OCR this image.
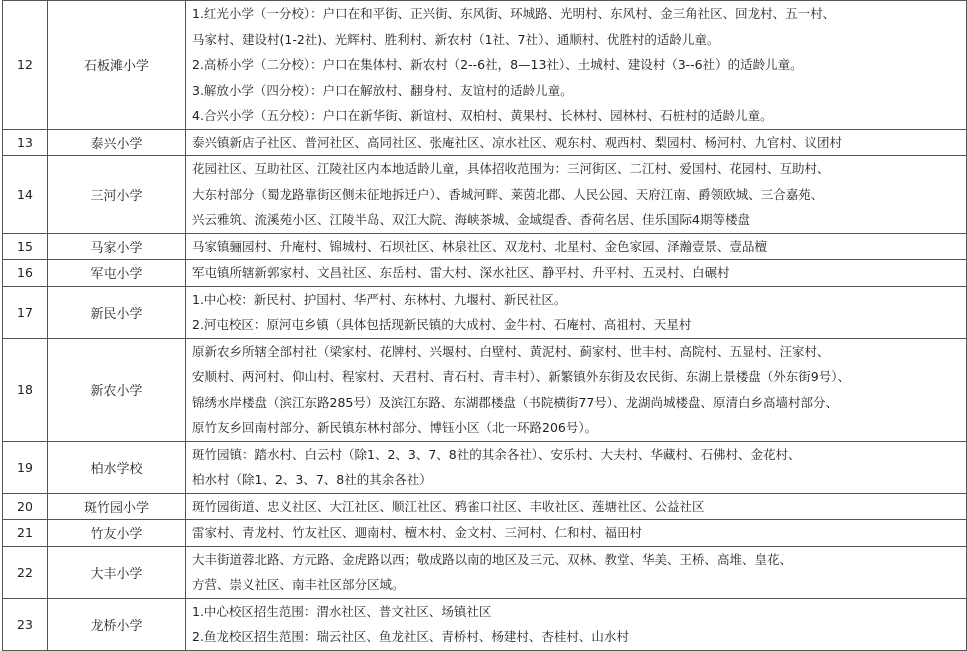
12	石板滩小学	1.红光小学（一分校）：户口在和平街、正兴街、东风街、环城路、光明村、东风村、金三角社区、回龙村、五一村、
马家村、建设村(1-2社)、光辉村、胜利村、新农村（1社、7社）、通顺村、优胜村的适龄儿童。
2.高桥小学（二分校）：户口在集体村、新农村（2--6社，8—13社）、土城村、建设村（3--6社）的适龄儿童。
3.解放小学（四分校）：户口在解放村、翻身村、友谊村的适龄儿童。
4.合兴小学（五分校）：户口在新华街、新谊村、双柏村、黄果村、长林村、园林村、石桩村的适龄儿童。

13	泰兴小学	泰兴镇新店子社区、普河社区、高同社区、张庵社区、凉水社区、观东村、观西村、梨园村、杨河村、九官村、议团村

14	三河小学	花园社区、互助社区、江陵社区内本地适龄儿童，具体招收范围为：三河街区、二江村、爱国村、花园村、互助村、
大东村部分（蜀龙路靠街区侧未征地拆迁户）、香城河畔、莱茵北郡、人民公园、天府江南、爵领欧城、三合嘉苑、
兴云雅筑、流溪苑小区、江陵半岛、双江大院、海峡茶城、金域缇香、香荷名居、佳乐国际4期等楼盘

15	马家小学	马家镇骊园村、升庵村、锦城村、石坝社区、林泉社区、双龙村、北星村、金色家园、泽瀚壹景、壹品檀

16	军屯小学	军屯镇所辖新郭家村、文昌社区、东岳村、雷大村、深水社区、静平村、升平村、五灵村、白碾村

17	新民小学	1.中心校：新民村、护国村、华严村、东林村、九堰村、新民社区。
2.河屯校区：原河屯乡镇（具体包括现新民镇的大成村、金牛村、石庵村、高祖村、天星村

18	新农小学	原新农乡所辖全部村社（梁家村、花牌村、兴堰村、白壁村、黄泥村、蓟家村、世丰村、高院村、五显村、汪家村、
安顺村、两河村、仰山村、程家村、天君村、青石村、青丰村）、新繁镇外东街及农民街、东湖上景楼盘（外东街9号）、
锦绣水岸楼盘（滨江东路285号）及滨江东路、东湖郡楼盘（书院横街77号）、龙湖尚城楼盘、原清白乡高墙村部分、
原竹友乡回南村部分、新民镇东林村部分、博钰小区（北一环路206号）。

19	柏水学校	斑竹园镇：踏水村、白云村（除1、2、3、7、8社的其余各社）、安乐村、大夫村、华藏村、石佛村、金花村、
柏水村（除1、2、3、7、8社的其余各社）

20	斑竹园小学	斑竹园街道、忠义社区、大江社区、顺江社区、鸦雀口社区、丰收社区、莲塘社区、公益社区

21	竹友小学	雷家村、青龙村、竹友社区、逥南村、檀木村、金文村、三河村、仁和村、福田村

22	大丰小学	大丰街道蓉北路、方元路、金虎路以西；敬成路以南的地区及三元、双林、教堂、华美、王桥、高堆、皇花、
方营、崇义社区、南丰社区部分区域。

23	龙桥小学	1.中心校区招生范围：渭水社区、普文社区、场镇社区
2.鱼龙校区招生范围：瑞云社区、鱼龙社区、青桥村、杨建村、杏桂村、山水村
